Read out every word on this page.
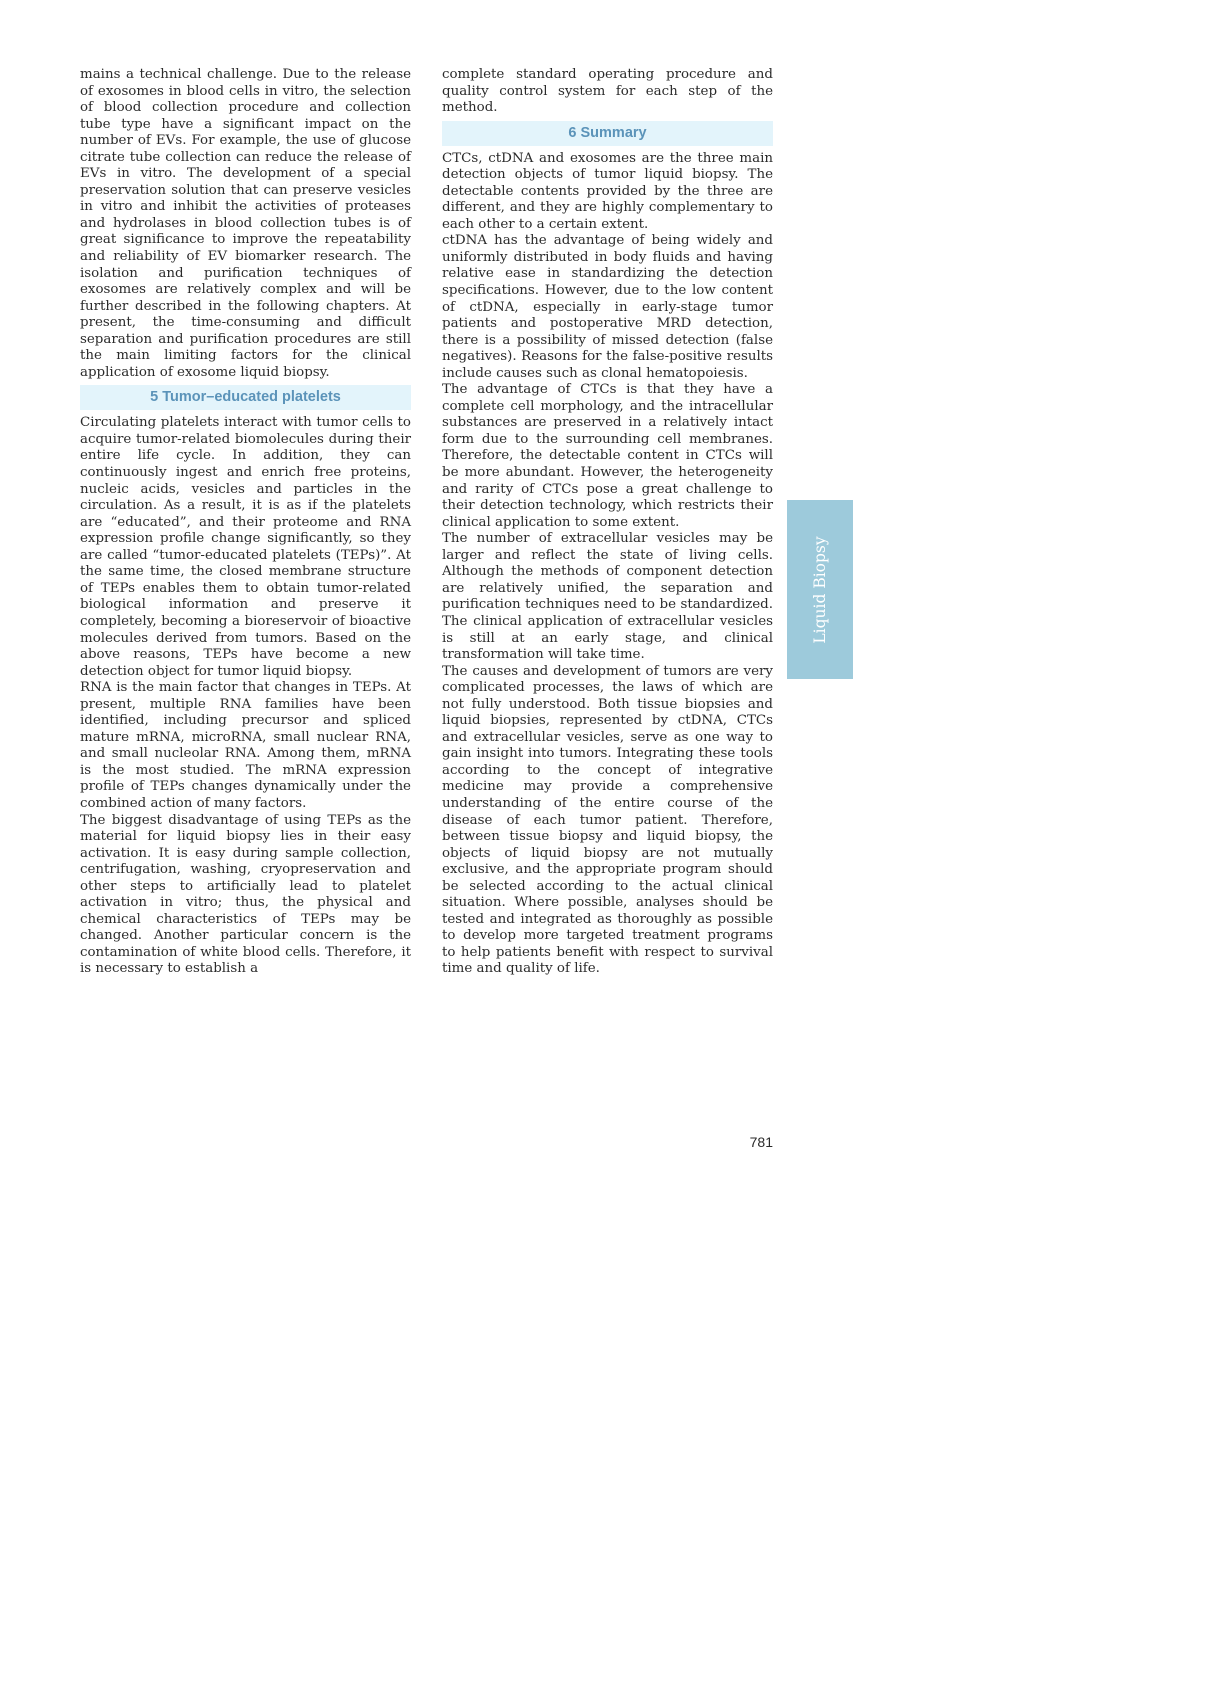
mains a technical challenge. Due to the release of exosomes in blood cells in vitro, the selection of blood collection procedure and collection tube type have a significant impact on the number of EVs. For example, the use of glucose citrate tube collection can reduce the release of EVs in vitro. The development of a special preservation solution that can preserve vesicles in vitro and inhibit the activities of proteases and hydrolases in blood collection tubes is of great significance to improve the repeatability and reliability of EV biomarker research. The isolation and purification techniques of exosomes are relatively complex and will be further described in the following chapters. At present, the time-consuming and difficult separation and purification procedures are still the main limiting factors for the clinical application of exosome liquid biopsy.

5 Tumor–educated platelets

Circulating platelets interact with tumor cells to acquire tumor-related biomolecules during their entire life cycle. In addition, they can continuously ingest and enrich free proteins, nucleic acids, vesicles and particles in the circulation. As a result, it is as if the platelets are “educated”, and their proteome and RNA expression profile change significantly, so they are called “tumor-educated platelets (TEPs)”. At the same time, the closed membrane structure of TEPs enables them to obtain tumor-related biological information and preserve it completely, becoming a bioreservoir of bioactive molecules derived from tumors. Based on the above reasons, TEPs have become a new detection object for tumor liquid biopsy.

RNA is the main factor that changes in TEPs. At present, multiple RNA families have been identified, including precursor and spliced mature mRNA, microRNA, small nuclear RNA, and small nucleolar RNA. Among them, mRNA is the most studied. The mRNA expression profile of TEPs changes dynamically under the combined action of many factors.

The biggest disadvantage of using TEPs as the material for liquid biopsy lies in their easy activation. It is easy during sample collection, centrifugation, washing, cryopreservation and other steps to artificially lead to platelet activation in vitro; thus, the physical and chemical characteristics of TEPs may be changed. Another particular concern is the contamination of white blood cells. Therefore, it is necessary to establish a

complete standard operating procedure and quality control system for each step of the method.

6 Summary

CTCs, ctDNA and exosomes are the three main detection objects of tumor liquid biopsy. The detectable contents provided by the three are different, and they are highly complementary to each other to a certain extent.

ctDNA has the advantage of being widely and uniformly distributed in body fluids and having relative ease in standardizing the detection specifications. However, due to the low content of ctDNA, especially in early-stage tumor patients and postoperative MRD detection, there is a possibility of missed detection (false negatives). Reasons for the false-positive results include causes such as clonal hematopoiesis.

The advantage of CTCs is that they have a complete cell morphology, and the intracellular substances are preserved in a relatively intact form due to the surrounding cell membranes. Therefore, the detectable content in CTCs will be more abundant. However, the heterogeneity and rarity of CTCs pose a great challenge to their detection technology, which restricts their clinical application to some extent.

The number of extracellular vesicles may be larger and reflect the state of living cells. Although the methods of component detection are relatively unified, the separation and purification techniques need to be standardized. The clinical application of extracellular vesicles is still at an early stage, and clinical transformation will take time.

The causes and development of tumors are very complicated processes, the laws of which are not fully understood. Both tissue biopsies and liquid biopsies, represented by ctDNA, CTCs and extracellular vesicles, serve as one way to gain insight into tumors. Integrating these tools according to the concept of integrative medicine may provide a comprehensive understanding of the entire course of the disease of each tumor patient. Therefore, between tissue biopsy and liquid biopsy, the objects of liquid biopsy are not mutually exclusive, and the appropriate program should be selected according to the actual clinical situation. Where possible, analyses should be tested and integrated as thoroughly as possible to develop more targeted treatment programs to help patients benefit with respect to survival time and quality of life.

Liquid Biopsy
781
